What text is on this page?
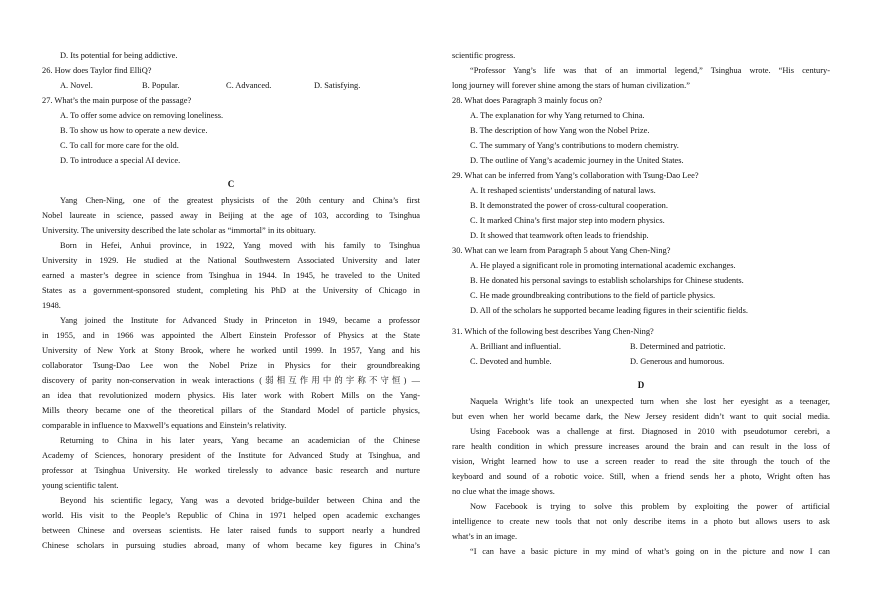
D. Its potential for being addictive.
26. How does Taylor find ElliQ?
A. Novel.	B. Popular.	C. Advanced.	D. Satisfying.
27. What’s the main purpose of the passage?
A. To offer some advice on removing loneliness.
B. To show us how to operate a new device.
C. To call for more care for the old.
D. To introduce a special AI device.
C
Yang Chen-Ning, one of the greatest physicists of the 20th century and China’s first
Nobel laureate in science, passed away in Beijing at the age of 103, according to Tsinghua
University. The university described the late scholar as “immortal” in its obituary.
Born in Hefei, Anhui province, in 1922, Yang moved with his family to Tsinghua
University in 1929. He studied at the National Southwestern Associated University and later
earned a master’s degree in science from Tsinghua in 1944. In 1945, he traveled to the United
States as a government-sponsored student, completing his PhD at the University of Chicago in
1948.
Yang joined the Institute for Advanced Study in Princeton in 1949, became a professor
in 1955, and in 1966 was appointed the Albert Einstein Professor of Physics at the State
University of New York at Stony Brook, where he worked until 1999. In 1957, Yang and his
collaborator Tsung-Dao Lee won the Nobel Prize in Physics for their groundbreaking
discovery of parity non-conservation in weak interactions (弱相互作用中的宇称不守恒) —
an idea that revolutionized modern physics. His later work with Robert Mills on the Yang-
Mills theory became one of the theoretical pillars of the Standard Model of particle physics,
comparable in influence to Maxwell’s equations and Einstein’s relativity.
Returning to China in his later years, Yang became an academician of the Chinese
Academy of Sciences, honorary president of the Institute for Advanced Study at Tsinghua, and
professor at Tsinghua University. He worked tirelessly to advance basic research and nurture
young scientific talent.
Beyond his scientific legacy, Yang was a devoted bridge-builder between China and the
world. His visit to the People’s Republic of China in 1971 helped open academic exchanges
between Chinese and overseas scientists. He later raised funds to support nearly a hundred
Chinese scholars in pursuing studies abroad, many of whom became key figures in China’s
scientific progress.
“Professor Yang’s life was that of an immortal legend,” Tsinghua wrote. “His century-
long journey will forever shine among the stars of human civilization.”
28. What does Paragraph 3 mainly focus on?
A. The explanation for why Yang returned to China.
B. The description of how Yang won the Nobel Prize.
C. The summary of Yang’s contributions to modern chemistry.
D. The outline of Yang’s academic journey in the United States.
29. What can be inferred from Yang’s collaboration with Tsung-Dao Lee?
A. It reshaped scientists’ understanding of natural laws.
B. It demonstrated the power of cross-cultural cooperation.
C. It marked China’s first major step into modern physics.
D. It showed that teamwork often leads to friendship.
30. What can we learn from Paragraph 5 about Yang Chen-Ning?
A. He played a significant role in promoting international academic exchanges.
B. He donated his personal savings to establish scholarships for Chinese students.
C. He made groundbreaking contributions to the field of particle physics.
D. All of the scholars he supported became leading figures in their scientific fields.
31. Which of the following best describes Yang Chen-Ning?
A. Brilliant and influential.	B. Determined and patriotic.
C. Devoted and humble.	D. Generous and humorous.
D
Naquela Wright’s life took an unexpected turn when she lost her eyesight as a teenager,
but even when her world became dark, the New Jersey resident didn’t want to quit social media.
Using Facebook was a challenge at first. Diagnosed in 2010 with pseudotumor cerebri, a
rare health condition in which pressure increases around the brain and can result in the loss of
vision, Wright learned how to use a screen reader to read the site through the touch of the
keyboard and sound of a robotic voice. Still, when a friend sends her a photo, Wright often has
no clue what the image shows.
Now Facebook is trying to solve this problem by exploiting the power of artificial
intelligence to create new tools that not only describe items in a photo but allows users to ask
what’s in an image.
“I can have a basic picture in my mind of what’s going on in the picture and now I can
